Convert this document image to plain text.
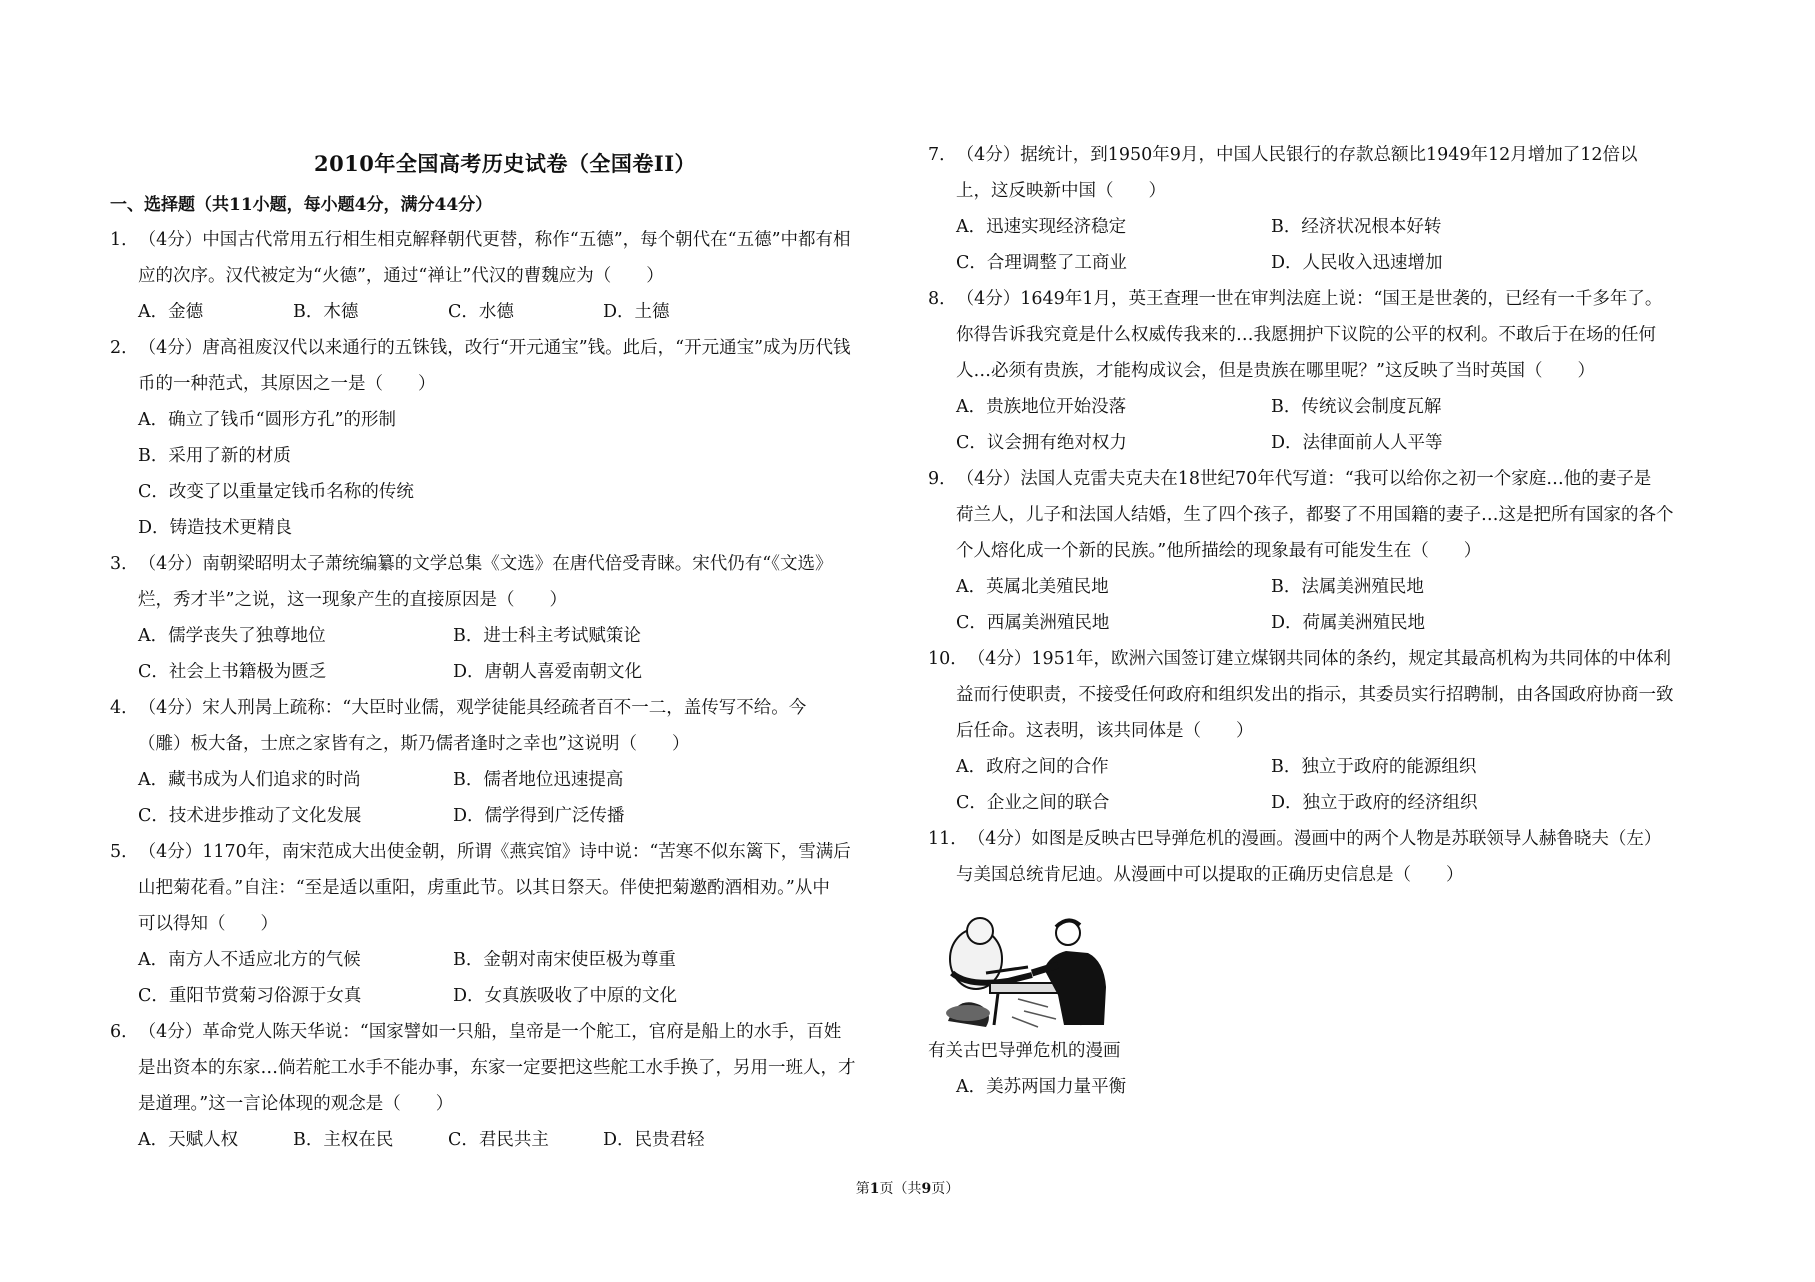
2010年全国高考历史试卷（全国卷II）
一、选择题（共11小题，每小题4分，满分44分）
1． （4分）中国古代常用五行相生相克解释朝代更替，称作“五德”，每个朝代在“五德”中都有相
应的次序。汉代被定为“火德”，通过“禅让”代汉的曹魏应为（　　）
A．金德	B．木德	C．水德	D．土德
2． （4分）唐高祖废汉代以来通行的五铢钱，改行“开元通宝”钱。此后，“开元通宝”成为历代钱
币的一种范式，其原因之一是（　　）
A．确立了钱币“圆形方孔”的形制
B．采用了新的材质
C．改变了以重量定钱币名称的传统
D．铸造技术更精良
3． （4分）南朝梁昭明太子萧统编纂的文学总集《文选》在唐代倍受青睐。宋代仍有“《文选》
烂，秀才半”之说，这一现象产生的直接原因是（　　）
A．儒学丧失了独尊地位	B．进士科主考试赋策论
C．社会上书籍极为匮乏	D．唐朝人喜爱南朝文化
4． （4分）宋人刑昺上疏称：“大臣时业儒，观学徒能具经疏者百不一二，盖传写不给。今
（雕）板大备，士庶之家皆有之，斯乃儒者逢时之幸也”这说明（　　）
A．藏书成为人们追求的时尚	B．儒者地位迅速提高
C．技术进步推动了文化发展	D．儒学得到广泛传播
5． （4分） 1170年，南宋范成大出使金朝，所谓《燕宾馆》诗中说：“苦寒不似东篱下，雪满后
山把菊花看。”自注：“至是适以重阳，虏重此节。以其日祭天。伴使把菊邀酌酒相劝。”从中
可以得知（　　）
A．南方人不适应北方的气候	B．金朝对南宋使臣极为尊重
C．重阳节赏菊习俗源于女真	D．女真族吸收了中原的文化
6． （4分）革命党人陈天华说：“国家譬如一只船，皇帝是一个舵工，官府是船上的水手，百姓
是出资本的东家…倘若舵工水手不能办事，东家一定要把这些舵工水手换了，另用一班人，才
是道理。”这一言论体现的观念是（　　）
A．天赋人权	B．主权在民	C．君民共主	D．民贵君轻
7． （4分）据统计，到1950年9月，中国人民银行的存款总额比1949年12月增加了12倍以
上，这反映新中国（　　）
A．迅速实现经济稳定	B．经济状况根本好转
C．合理调整了工商业	D．人民收入迅速增加
8． （4分）1649年1月，英王查理一世在审判法庭上说：“国王是世袭的，已经有一千多年了。
你得告诉我究竟是什么权威传我来的…我愿拥护下议院的公平的权利。不敢后于在场的任何
人…必须有贵族，才能构成议会，但是贵族在哪里呢？”这反映了当时英国（　　）
A．贵族地位开始没落	B．传统议会制度瓦解
C．议会拥有绝对权力	D．法律面前人人平等
9． （4分）法国人克雷夫克夫在18世纪70年代写道：“我可以给你之初一个家庭…他的妻子是
荷兰人，儿子和法国人结婚，生了四个孩子，都娶了不用国籍的妻子…这是把所有国家的各个
个人熔化成一个新的民族。”他所描绘的现象最有可能发生在（　　）
A．英属北美殖民地	B．法属美洲殖民地
C．西属美洲殖民地	D．荷属美洲殖民地
10． （4分）1951年，欧洲六国签订建立煤钢共同体的条约，规定其最高机构为共同体的中体利
益而行使职责，不接受任何政府和组织发出的指示，其委员实行招聘制，由各国政府协商一致
后任命。这表明，该共同体是（　　）
A．政府之间的合作	B．独立于政府的能源组织
C．企业之间的联合	D．独立于政府的经济组织
11． （4分）如图是反映古巴导弹危机的漫画。漫画中的两个人物是苏联领导人赫鲁晓夫（左）
与美国总统肯尼迪。从漫画中可以提取的正确历史信息是（　　）
有关古巴导弹危机的漫画
A．美苏两国力量平衡
第1页（共9页）
